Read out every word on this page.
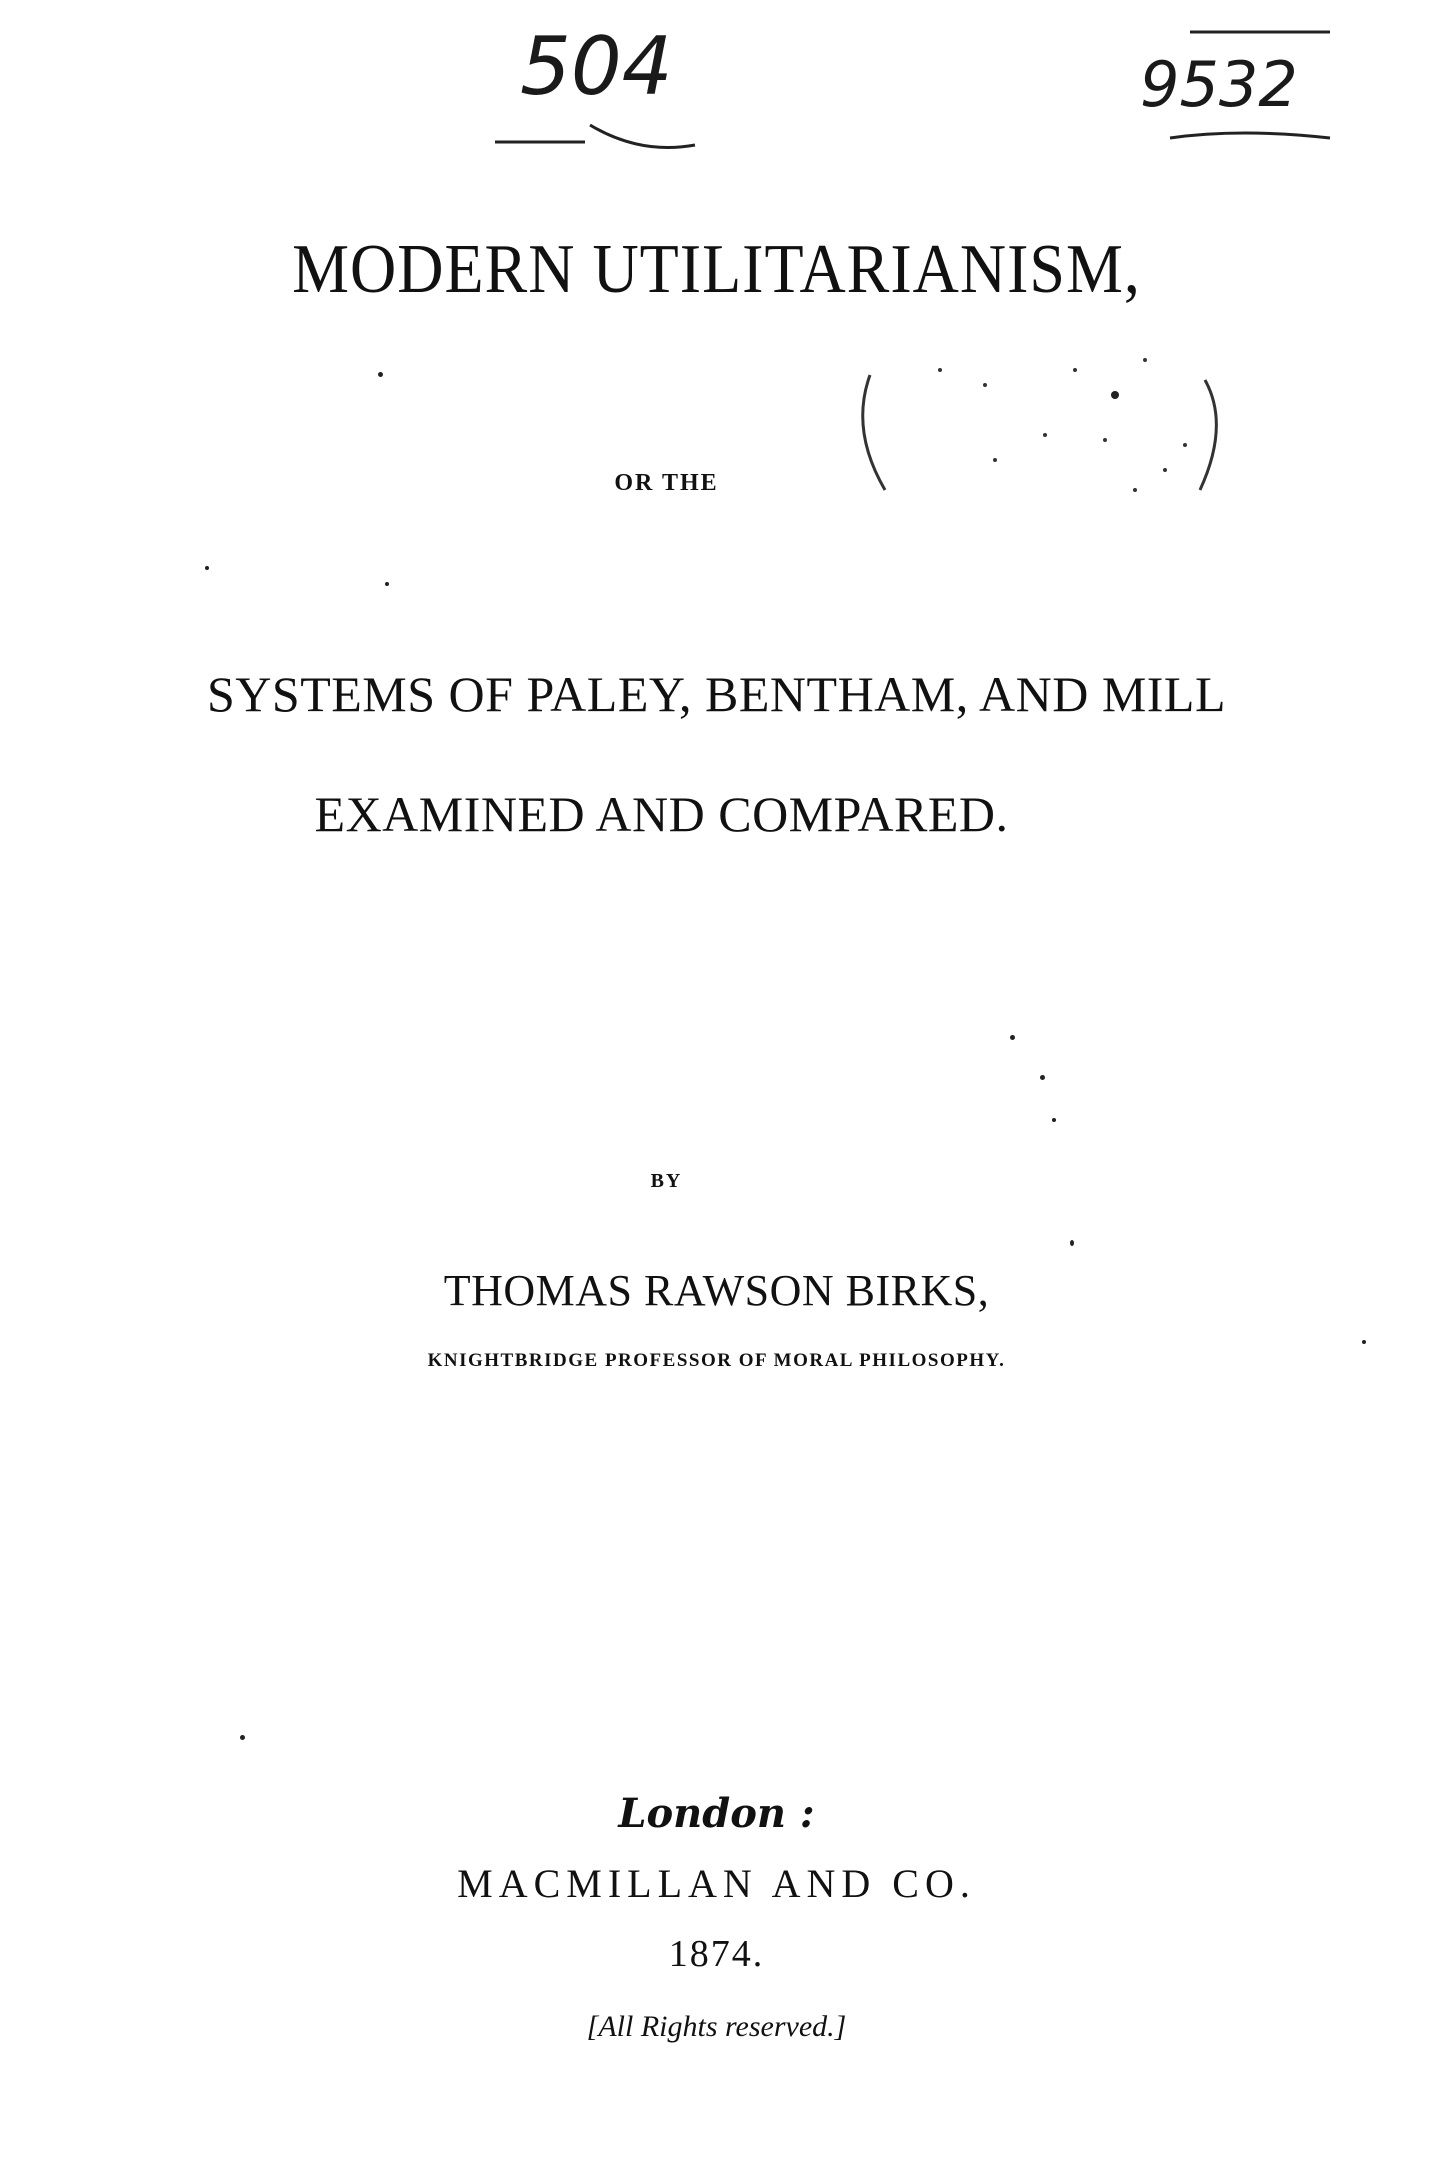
504	9532
MODERN UTILITARIANISM,
OR THE
SYSTEMS OF PALEY, BENTHAM, AND MILL
EXAMINED AND COMPARED.
BY
THOMAS RAWSON BIRKS,
KNIGHTBRIDGE PROFESSOR OF MORAL PHILOSOPHY.
London :
MACMILLAN AND CO.
1874.
[All Rights reserved.]
